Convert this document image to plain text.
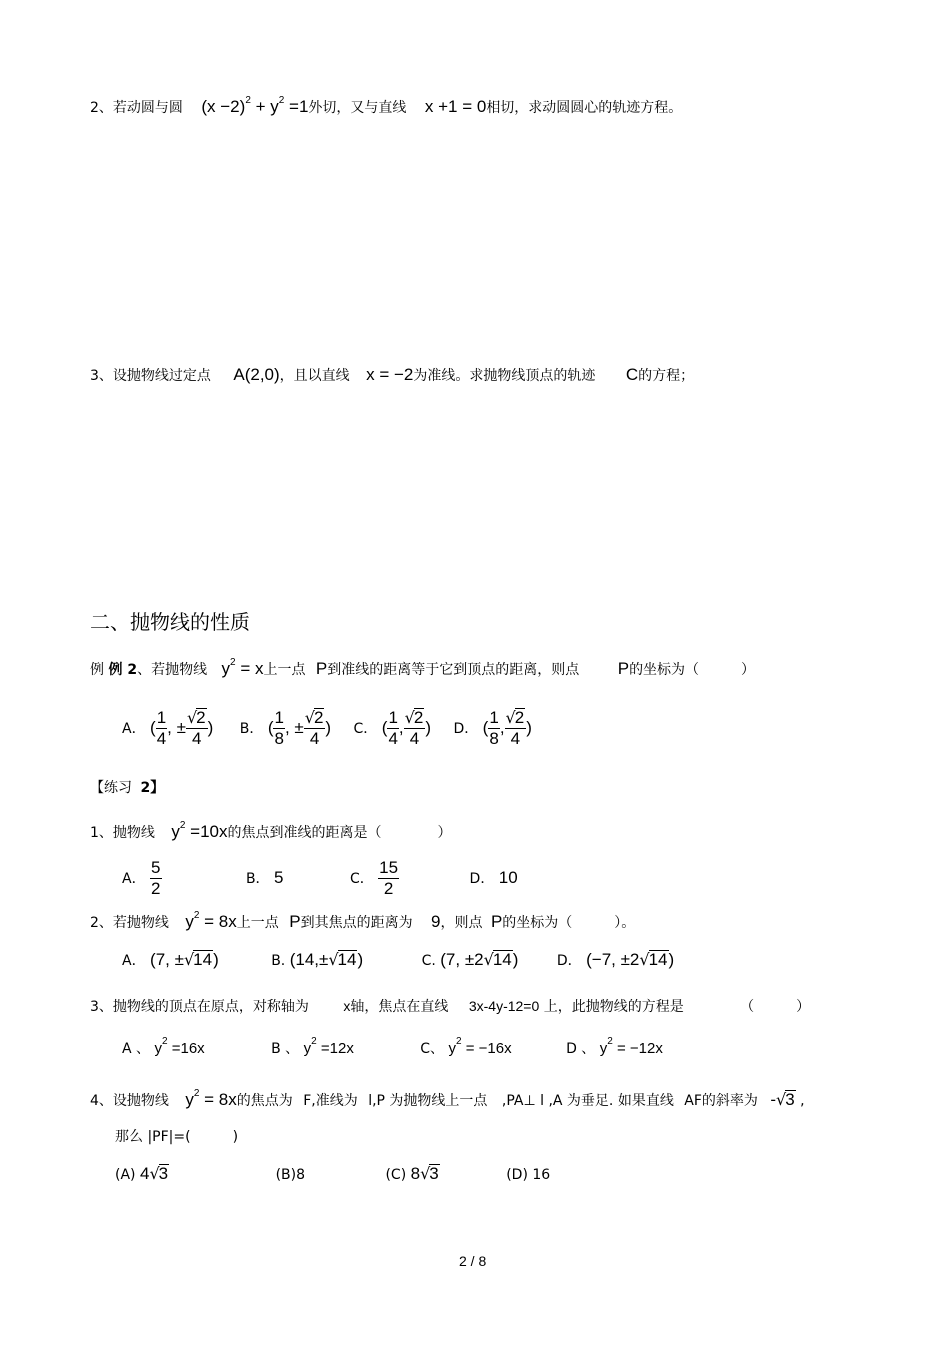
2、若动圆与圆 $(x -2)^2 + y^2 =1$外切，又与直线 x +1 = 0相切，求动圆圆心的轨迹方程。
3、设抛物线过定点 A(2,0)，且以直线 x = −2为准线。求抛物线顶点的轨迹 C的方程；
二、抛物线的性质
例 例 2、若抛物线 $y^2 = x$上一点 P到准线的距离等于它到顶点的距离，则点 P的坐标为（　　　）
A． ( $\frac{1}{4}$ , ± $\frac{√2}{4}$ ) B． ( $\frac{1}{8}$ , ± $\frac{√2}{4}$ ) C． ( $\frac{1}{4}$ , $\frac{√2}{4}$ ) D． ( $\frac{1}{8}$ , $\frac{√2}{4}$ )
【练习 2】
1、抛物线 $y^2 =10x$的焦点到准线的距离是（　　　　）
A． $\frac{5}{2}$	B． 5	C． $\frac{15}{2}$	D． 10
2、若抛物线 $y^2 = 8x$上一点 P到其焦点的距离为 9，则点 P的坐标为（　　　）。
A． (7, ±√14)	B. (14,±√14)	C. (7, ±2√14)	D． (−7, ±2√14)
3、抛物线的顶点在原点，对称轴为 x轴，焦点在直线 3x-4y-12=0 上，此抛物线的方程是	（　　　）
A 、 $y^2 =16x$	B 、 $y^2 =12x$	C、 $y^2 = -16x$	D 、 $y^2 = -12x$
4、设抛物线 $y^2 = 8x$的焦点为 F,准线为 l,P 为抛物线上一点 ,PA⊥ l ,A 为垂足. 如果直线 AF的斜率为 -√3 ,
那么 |PF|=(　　　)
(A) 4√3	(B)8	(C) 8√3	(D) 16
2 / 8
